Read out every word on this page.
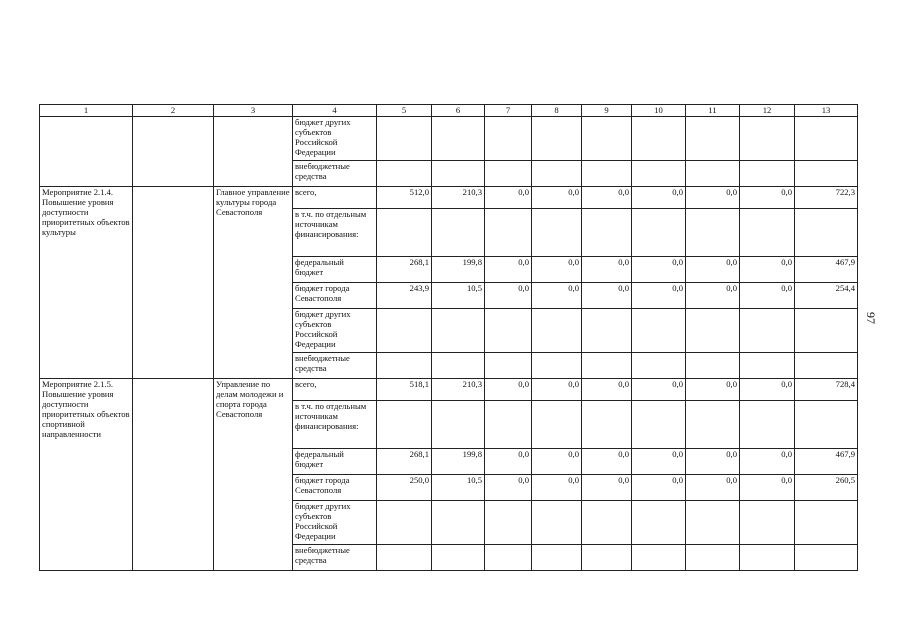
1	2	3	4	5	6	7	8	9	10	11	12	13
			бюджет других субъектов Российской Федерации									
			внебюджетные средства									
Мероприятие 2.1.4. Повышение уровня доступности приоритетных объектов культуры		Главное управление культуры города Севастополя	всего,	512,0	210,3	0,0	0,0	0,0	0,0	0,0	0,0	722,3
			в т.ч. по отдельным источникам финансирования:									
			федеральный бюджет	268,1	199,8	0,0	0,0	0,0	0,0	0,0	0,0	467,9
			бюджет города Севастополя	243,9	10,5	0,0	0,0	0,0	0,0	0,0	0,0	254,4
			бюджет других субъектов Российской Федерации									
			внебюджетные средства									
Мероприятие 2.1.5. Повышение уровня доступности приоритетных объектов спортивной направленности		Управление по делам молодежи и спорта города Севастополя	всего,	518,1	210,3	0,0	0,0	0,0	0,0	0,0	0,0	728,4
			в т.ч. по отдельным источникам финансирования:									
			федеральный бюджет	268,1	199,8	0,0	0,0	0,0	0,0	0,0	0,0	467,9
			бюджет города Севастополя	250,0	10,5	0,0	0,0	0,0	0,0	0,0	0,0	260,5
			бюджет других субъектов Российской Федерации									
			внебюджетные средства									
97
